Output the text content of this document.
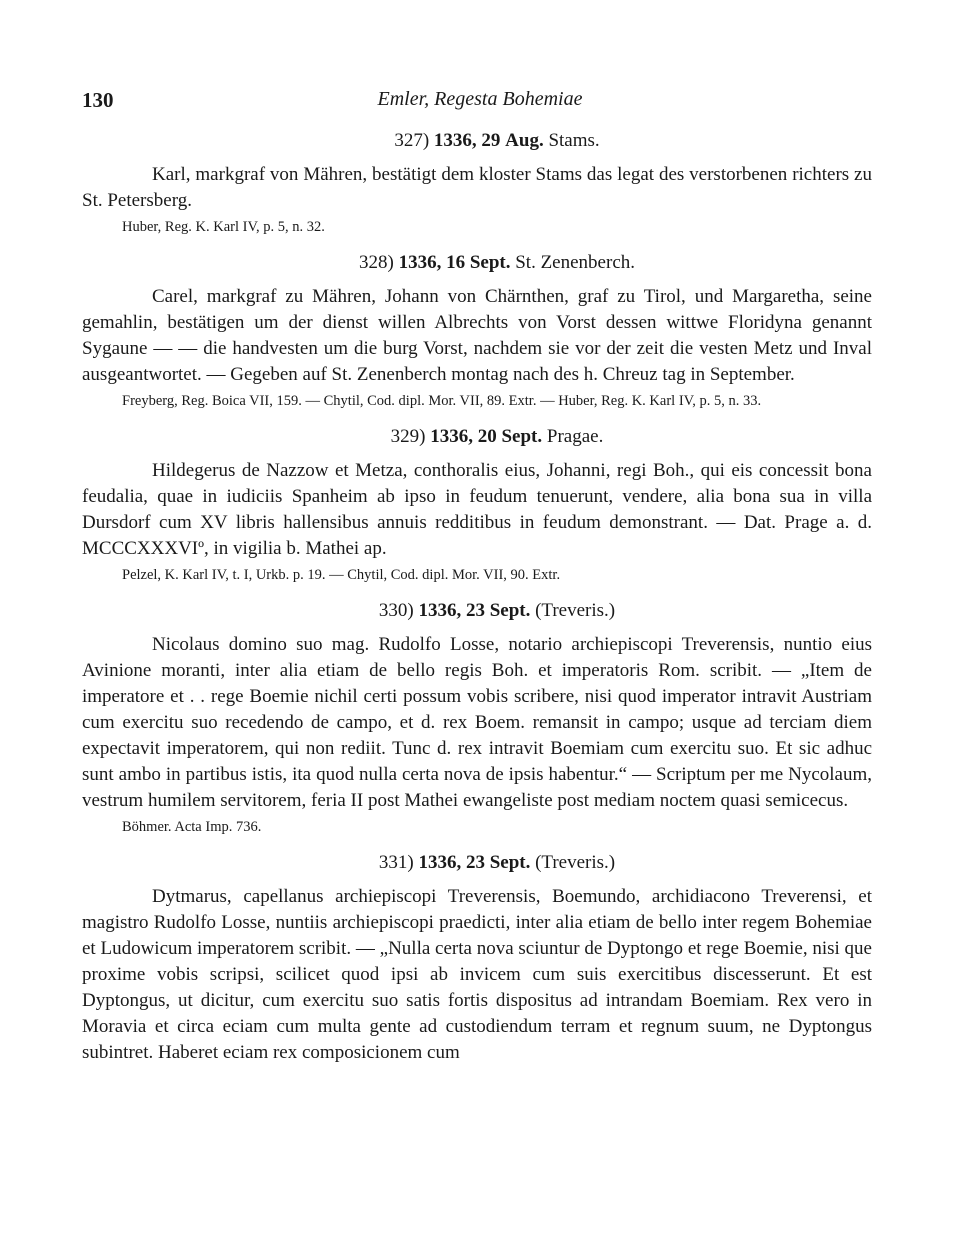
130	Emler, Regesta Bohemiae
327) 1336, 29 Aug. Stams.

Karl, markgraf von Mähren, bestätigt dem kloster Stams das legat des verstorbenen richters zu St. Petersberg.

Huber, Reg. K. Karl IV, p. 5, n. 32.

328) 1336, 16 Sept. St. Zenenberch.

Carel, markgraf zu Mähren, Johann von Chärnthen, graf zu Tirol, und Margaretha, seine gemahlin, bestätigen um der dienst willen Albrechts von Vorst dessen wittwe Floridyna genannt Sygaune — — die handvesten um die burg Vorst, nachdem sie vor der zeit die vesten Metz und Inval ausgeantwortet. — Gegeben auf St. Zenenberch montag nach des h. Chreuz tag in September.

Freyberg, Reg. Boica VII, 159. — Chytil, Cod. dipl. Mor. VII, 89. Extr. — Huber, Reg. K. Karl IV, p. 5, n. 33.

329) 1336, 20 Sept. Pragae.

Hildegerus de Nazzow et Metza, conthoralis eius, Johanni, regi Boh., qui eis concessit bona feudalia, quae in iudiciis Spanheim ab ipso in feudum tenuerunt, vendere, alia bona sua in villa Dursdorf cum XV libris hallensibus annuis redditibus in feudum demonstrant. — Dat. Prage a. d. MCCCXXXVIº, in vigilia b. Mathei ap.

Pelzel, K. Karl IV, t. I, Urkb. p. 19. — Chytil, Cod. dipl. Mor. VII, 90. Extr.

330) 1336, 23 Sept. (Treveris.)

Nicolaus domino suo mag. Rudolfo Losse, notario archiepiscopi Treverensis, nuntio eius Avinione moranti, inter alia etiam de bello regis Boh. et imperatoris Rom. scribit. — „Item de imperatore et . . rege Boemie nichil certi possum vobis scribere, nisi quod imperator intravit Austriam cum exercitu suo recedendo de campo, et d. rex Boem. remansit in campo; usque ad terciam diem expectavit imperatorem, qui non rediit. Tunc d. rex intravit Boemiam cum exercitu suo. Et sic adhuc sunt ambo in partibus istis, ita quod nulla certa nova de ipsis habentur.“ — Scriptum per me Nycolaum, vestrum humilem servitorem, feria II post Mathei ewangeliste post mediam noctem quasi semicecus.

Böhmer. Acta Imp. 736.

331) 1336, 23 Sept. (Treveris.)

Dytmarus, capellanus archiepiscopi Treverensis, Boemundo, archidiacono Treverensi, et magistro Rudolfo Losse, nuntiis archiepiscopi praedicti, inter alia etiam de bello inter regem Bohemiae et Ludowicum imperatorem scribit. — „Nulla certa nova sciuntur de Dyptongo et rege Boemie, nisi que proxime vobis scripsi, scilicet quod ipsi ab invicem cum suis exercitibus discesserunt. Et est Dyptongus, ut dicitur, cum exercitu suo satis fortis dispositus ad intrandam Boemiam. Rex vero in Moravia et circa eciam cum multa gente ad custodiendum terram et regnum suum, ne Dyptongus subintret. Haberet eciam rex composicionem cum
